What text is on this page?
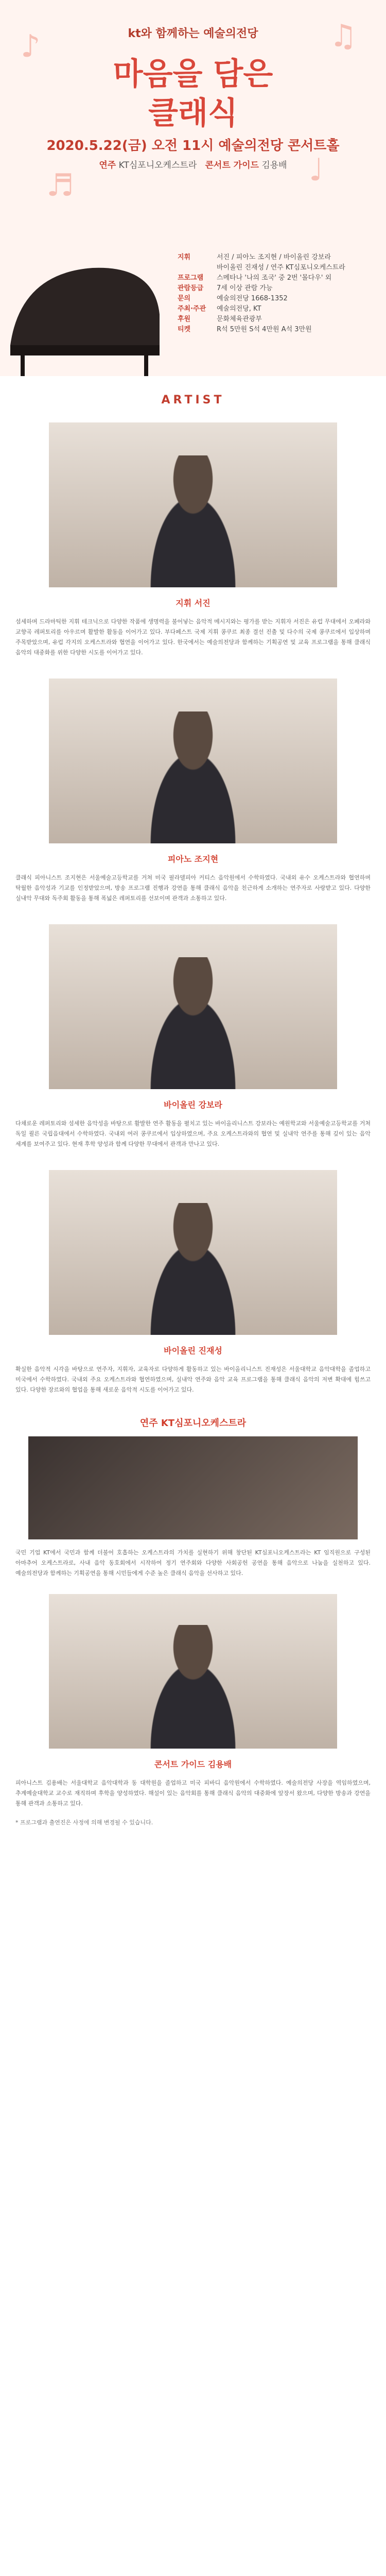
♪	♫
♬	♩
kt와 함께하는 예술의전당
마음을 담은
클래식
2020.5.22(금) 오전 11시 예술의전당 콘서트홀
연주 KT심포니오케스트라 콘서트 가이드 김용배
지휘	서진 / 피아노 조지현 / 바이올린 강보라
바이올린 진재성 / 연주 KT심포니오케스트라
프로그램	스메타나 '나의 조국' 중 2번 '몰다우' 외
관람등급	7세 이상 관람 가능
문의	예술의전당 1668-1352
주최·주관	예술의전당, KT
후원	문화체육관광부
티켓	R석 5만원 S석 4만원 A석 3만원
ARTIST
지휘 서진
섬세하며 드라마틱한 지휘 테크닉으로 다양한 작품에 생명력을 불어넣는 음악적 메시지와는 평가를 받는 지휘자 서진은 유럽 무대에서 오페라와 교향곡 레퍼토리를 아우르며 활발한 활동을 이어가고 있다. 부다페스트 국제 지휘 콩쿠르 최종 결선 진출 및 다수의 국제 콩쿠르에서 입상하며 주목받았으며, 유럽 각지의 오케스트라와 협연을 이어가고 있다. 한국에서는 예술의전당과 함께하는 기획공연 및 교육 프로그램을 통해 클래식 음악의 대중화를 위한 다양한 시도를 이어가고 있다.
피아노 조지현
클래식 피아니스트 조지현은 서울예술고등학교를 거쳐 미국 필라델피아 커티스 음악원에서 수학하였다. 국내외 유수 오케스트라와 협연하며 탁월한 음악성과 기교를 인정받았으며, 방송 프로그램 진행과 강연을 통해 클래식 음악을 친근하게 소개하는 연주자로 사랑받고 있다. 다양한 실내악 무대와 독주회 활동을 통해 폭넓은 레퍼토리를 선보이며 관객과 소통하고 있다.
바이올린 강보라
다채로운 레퍼토리와 섬세한 음악성을 바탕으로 활발한 연주 활동을 펼치고 있는 바이올리니스트 강보라는 예원학교와 서울예술고등학교를 거쳐 독일 쾰른 국립음대에서 수학하였다. 국내외 여러 콩쿠르에서 입상하였으며, 주요 오케스트라와의 협연 및 실내악 연주를 통해 깊이 있는 음악 세계를 보여주고 있다. 현재 후학 양성과 함께 다양한 무대에서 관객과 만나고 있다.
바이올린 진재성
확실한 음악적 시각을 바탕으로 연주자, 지휘자, 교육자로 다양하게 활동하고 있는 바이올리니스트 진재성은 서울대학교 음악대학을 졸업하고 미국에서 수학하였다. 국내외 주요 오케스트라와 협연하였으며, 실내악 연주와 음악 교육 프로그램을 통해 클래식 음악의 저변 확대에 힘쓰고 있다. 다양한 장르와의 협업을 통해 새로운 음악적 시도를 이어가고 있다.
연주 KT심포니오케스트라
국민 기업 KT에서 국민과 함께 더불어 호흡하는 오케스트라의 가치를 실현하기 위해 창단된 KT심포니오케스트라는 KT 임직원으로 구성된 아마추어 오케스트라로, 사내 음악 동호회에서 시작하여 정기 연주회와 다양한 사회공헌 공연을 통해 음악으로 나눔을 실천하고 있다. 예술의전당과 함께하는 기획공연을 통해 시민들에게 수준 높은 클래식 음악을 선사하고 있다.
콘서트 가이드 김용배
피아니스트 김용배는 서울대학교 음악대학과 동 대학원을 졸업하고 미국 피바디 음악원에서 수학하였다. 예술의전당 사장을 역임하였으며, 추계예술대학교 교수로 재직하며 후학을 양성하였다. 해설이 있는 음악회를 통해 클래식 음악의 대중화에 앞장서 왔으며, 다양한 방송과 강연을 통해 관객과 소통하고 있다.
* 프로그램과 출연진은 사정에 의해 변경될 수 있습니다.
